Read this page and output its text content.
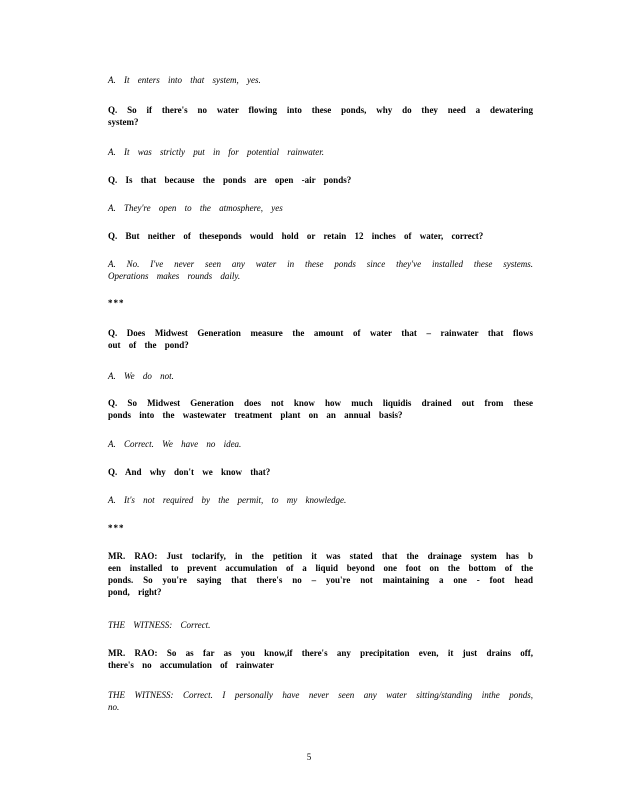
A. It enters into that system, yes.

Q. So if there's no water flowing into these ponds, why do they need a dewatering system?

A. It was strictly put in for potential rainwater.

Q. Is that because the ponds are open -air ponds?

A. They're open to the atmosphere, yes

Q. But neither of theseponds would hold or retain 12 inches of water, correct?

A. No. I've never seen any water in these ponds since they've installed these systems. Operations makes rounds daily.

***

Q. Does Midwest Generation measure the amount of water that – rainwater that flows out of the pond?

A. We do not.

Q. So Midwest Generation does not know how much liquidis drained out from these ponds into the wastewater treatment plant on an annual basis?

A. Correct. We have no idea.

Q. And why don't we know that?

A. It's not required by the permit, to my knowledge.

***

MR. RAO: Just toclarify, in the petition it was stated that the drainage system has b een installed to prevent accumulation of a liquid beyond one foot on the bottom of the ponds. So you're saying that there's no – you're not maintaining a one - foot head pond, right?

THE WITNESS: Correct.

MR. RAO: So as far as you know,if there's any precipitation even, it just drains off, there's no accumulation of rainwater

THE WITNESS: Correct. I personally have never seen any water sitting/standing inthe ponds, no.

5
